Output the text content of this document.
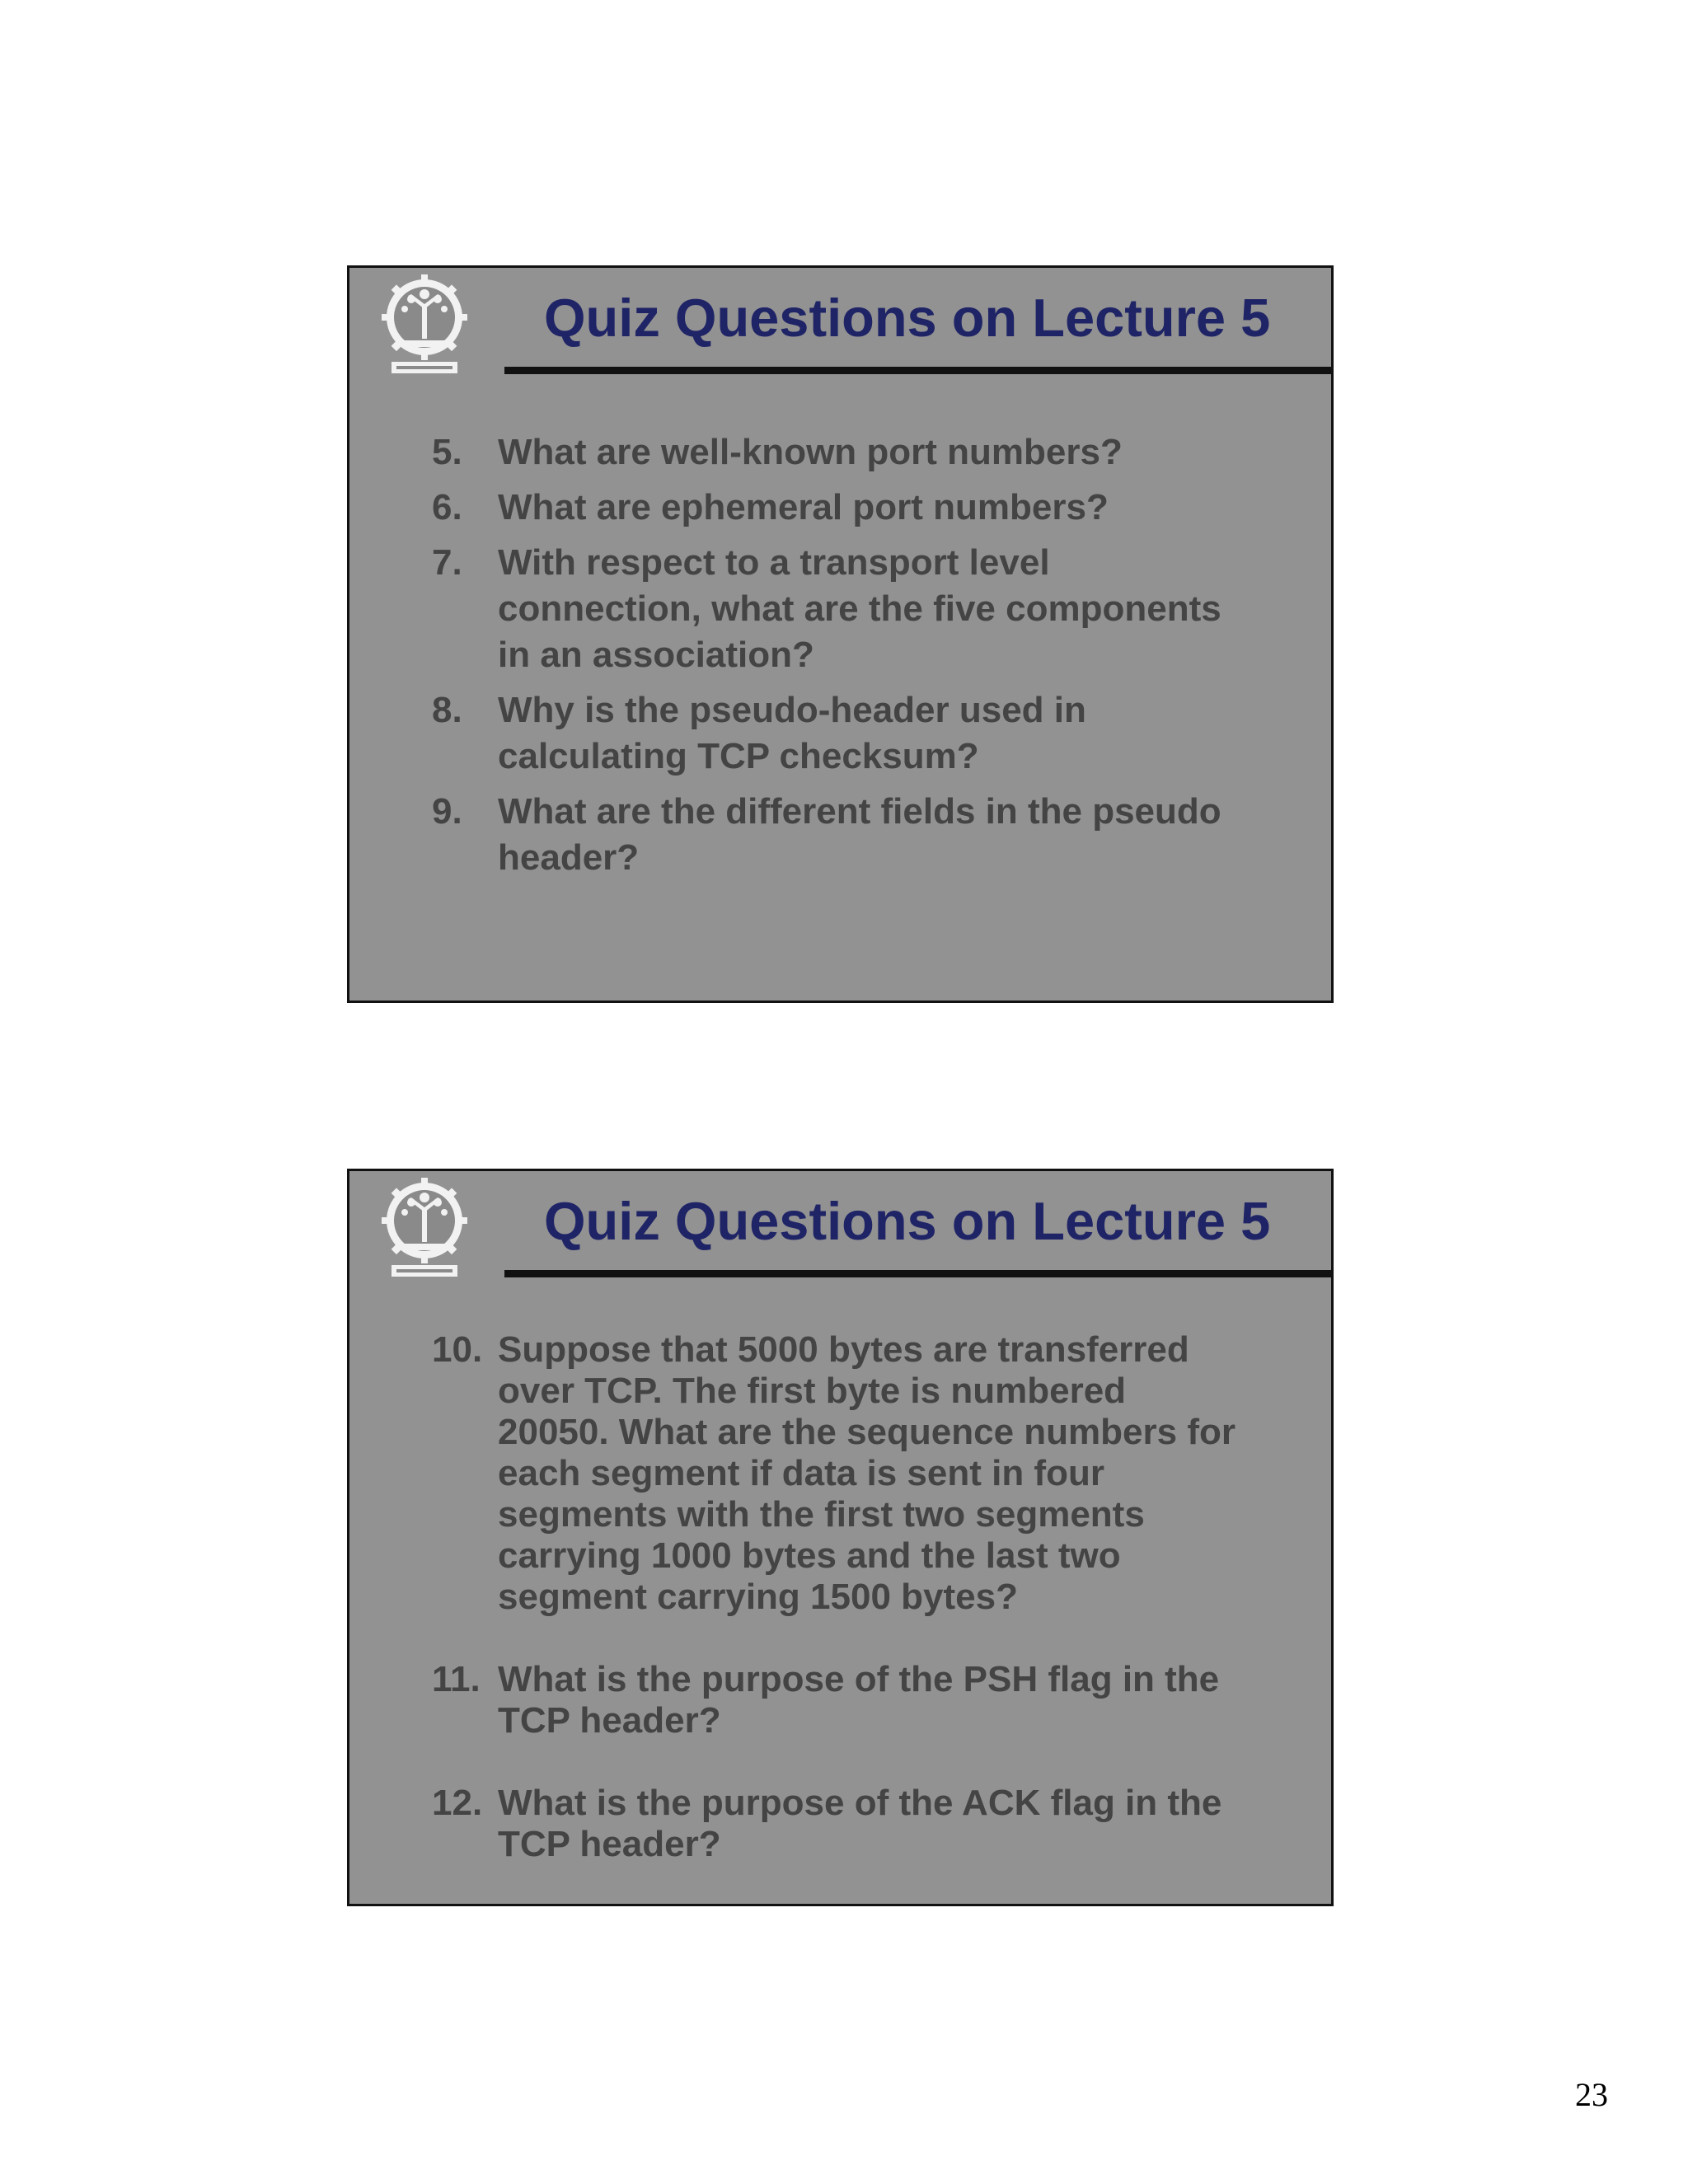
Quiz Questions on Lecture 5
5. What are well-known port numbers?
6. What are ephemeral port numbers?
7. With respect to a transport level
connection, what are the five components
in an association?
8. Why is the pseudo-header used in
calculating TCP checksum?
9. What are the different fields in the pseudo
header?
Quiz Questions on Lecture 5
10. Suppose that 5000 bytes are transferred
over TCP. The first byte is numbered
20050. What are the sequence numbers for
each segment if data is sent in four
segments with the first two segments
carrying 1000 bytes and the last two
segment carrying 1500 bytes?
11. What is the purpose of the PSH flag in the
TCP header?
12. What is the purpose of the ACK flag in the
TCP header?
23
